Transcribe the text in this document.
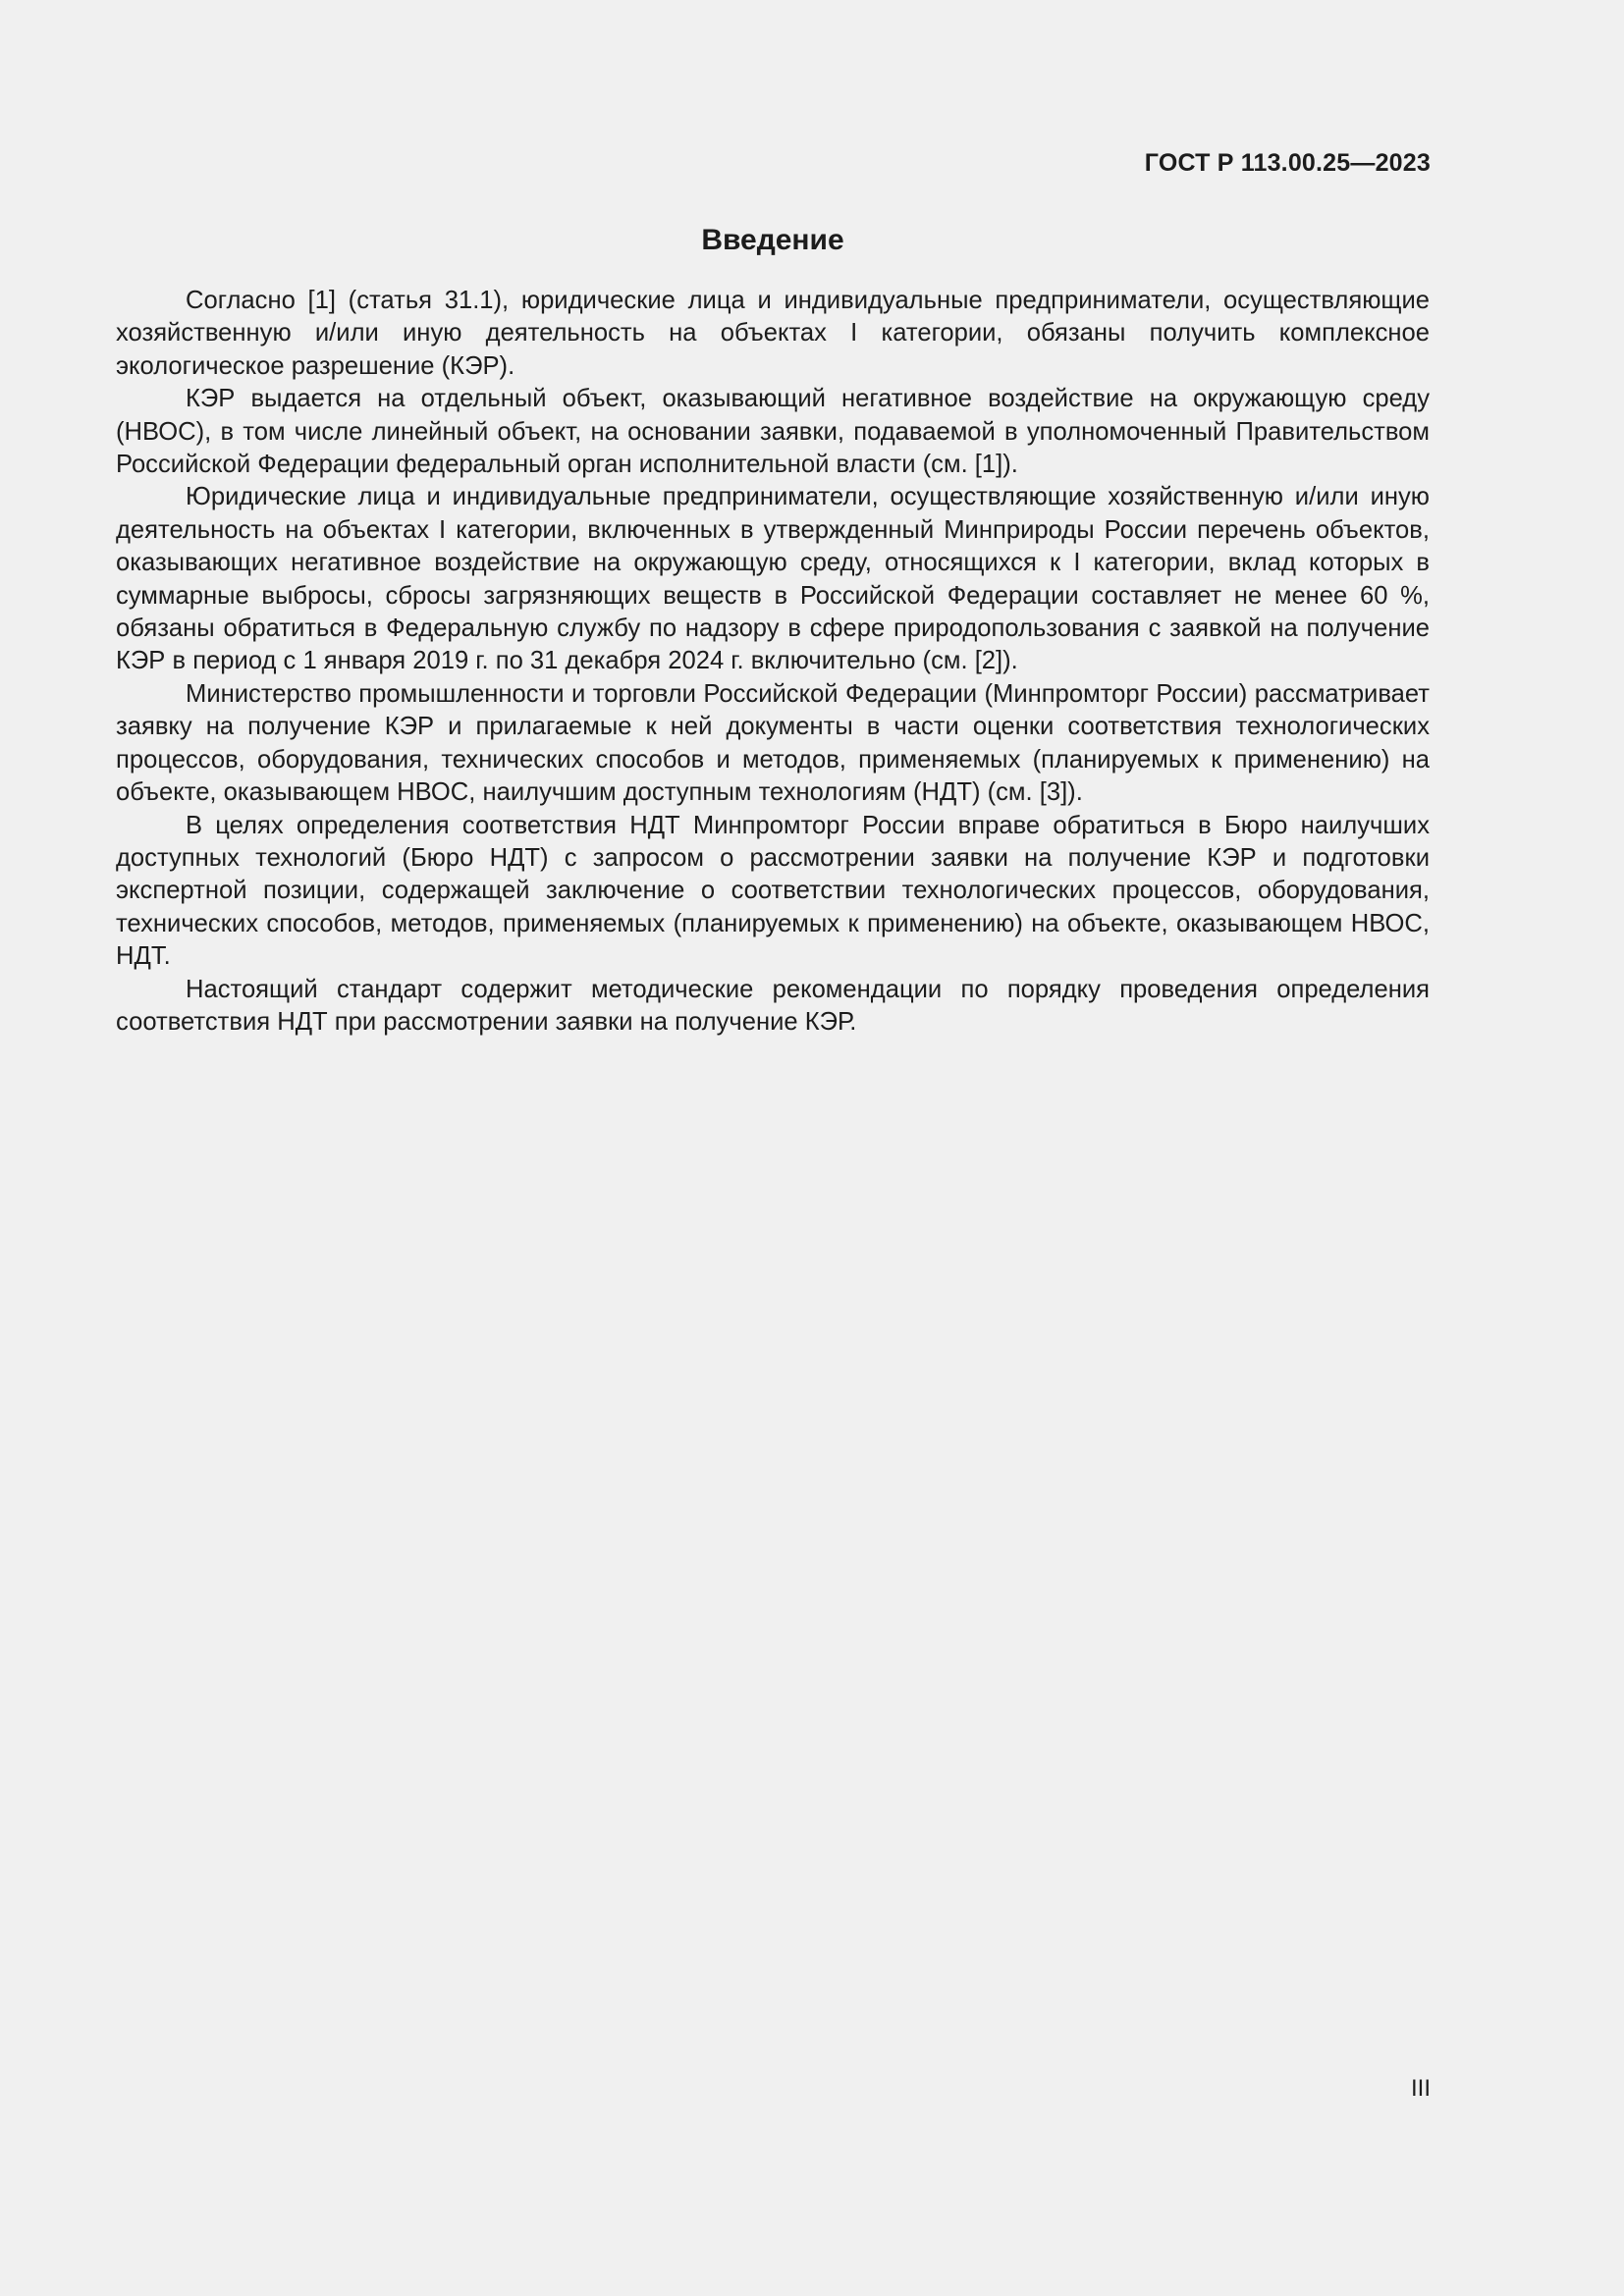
ГОСТ Р 113.00.25—2023
Введение

Согласно [1] (статья 31.1), юридические лица и индивидуальные предприниматели, осуществляющие хозяйственную и/или иную деятельность на объектах I категории, обязаны получить комплексное экологическое разрешение (КЭР).

КЭР выдается на отдельный объект, оказывающий негативное воздействие на окружающую среду (НВОС), в том числе линейный объект, на основании заявки, подаваемой в уполномоченный Правительством Российской Федерации федеральный орган исполнительной власти (см. [1]).

Юридические лица и индивидуальные предприниматели, осуществляющие хозяйственную и/или иную деятельность на объектах I категории, включенных в утвержденный Минприроды России перечень объектов, оказывающих негативное воздействие на окружающую среду, относящихся к I категории, вклад которых в суммарные выбросы, сбросы загрязняющих веществ в Российской Федерации составляет не менее 60 %, обязаны обратиться в Федеральную службу по надзору в сфере природопользования с заявкой на получение КЭР в период с 1 января 2019 г. по 31 декабря 2024 г. включительно (см. [2]).

Министерство промышленности и торговли Российской Федерации (Минпромторг России) рассматривает заявку на получение КЭР и прилагаемые к ней документы в части оценки соответствия технологических процессов, оборудования, технических способов и методов, применяемых (планируемых к применению) на объекте, оказывающем НВОС, наилучшим доступным технологиям (НДТ) (см. [3]).

В целях определения соответствия НДТ Минпромторг России вправе обратиться в Бюро наилучших доступных технологий (Бюро НДТ) с запросом о рассмотрении заявки на получение КЭР и подготовки экспертной позиции, содержащей заключение о соответствии технологических процессов, оборудования, технических способов, методов, применяемых (планируемых к применению) на объекте, оказывающем НВОС, НДТ.

Настоящий стандарт содержит методические рекомендации по порядку проведения определения соответствия НДТ при рассмотрении заявки на получение КЭР.

III
